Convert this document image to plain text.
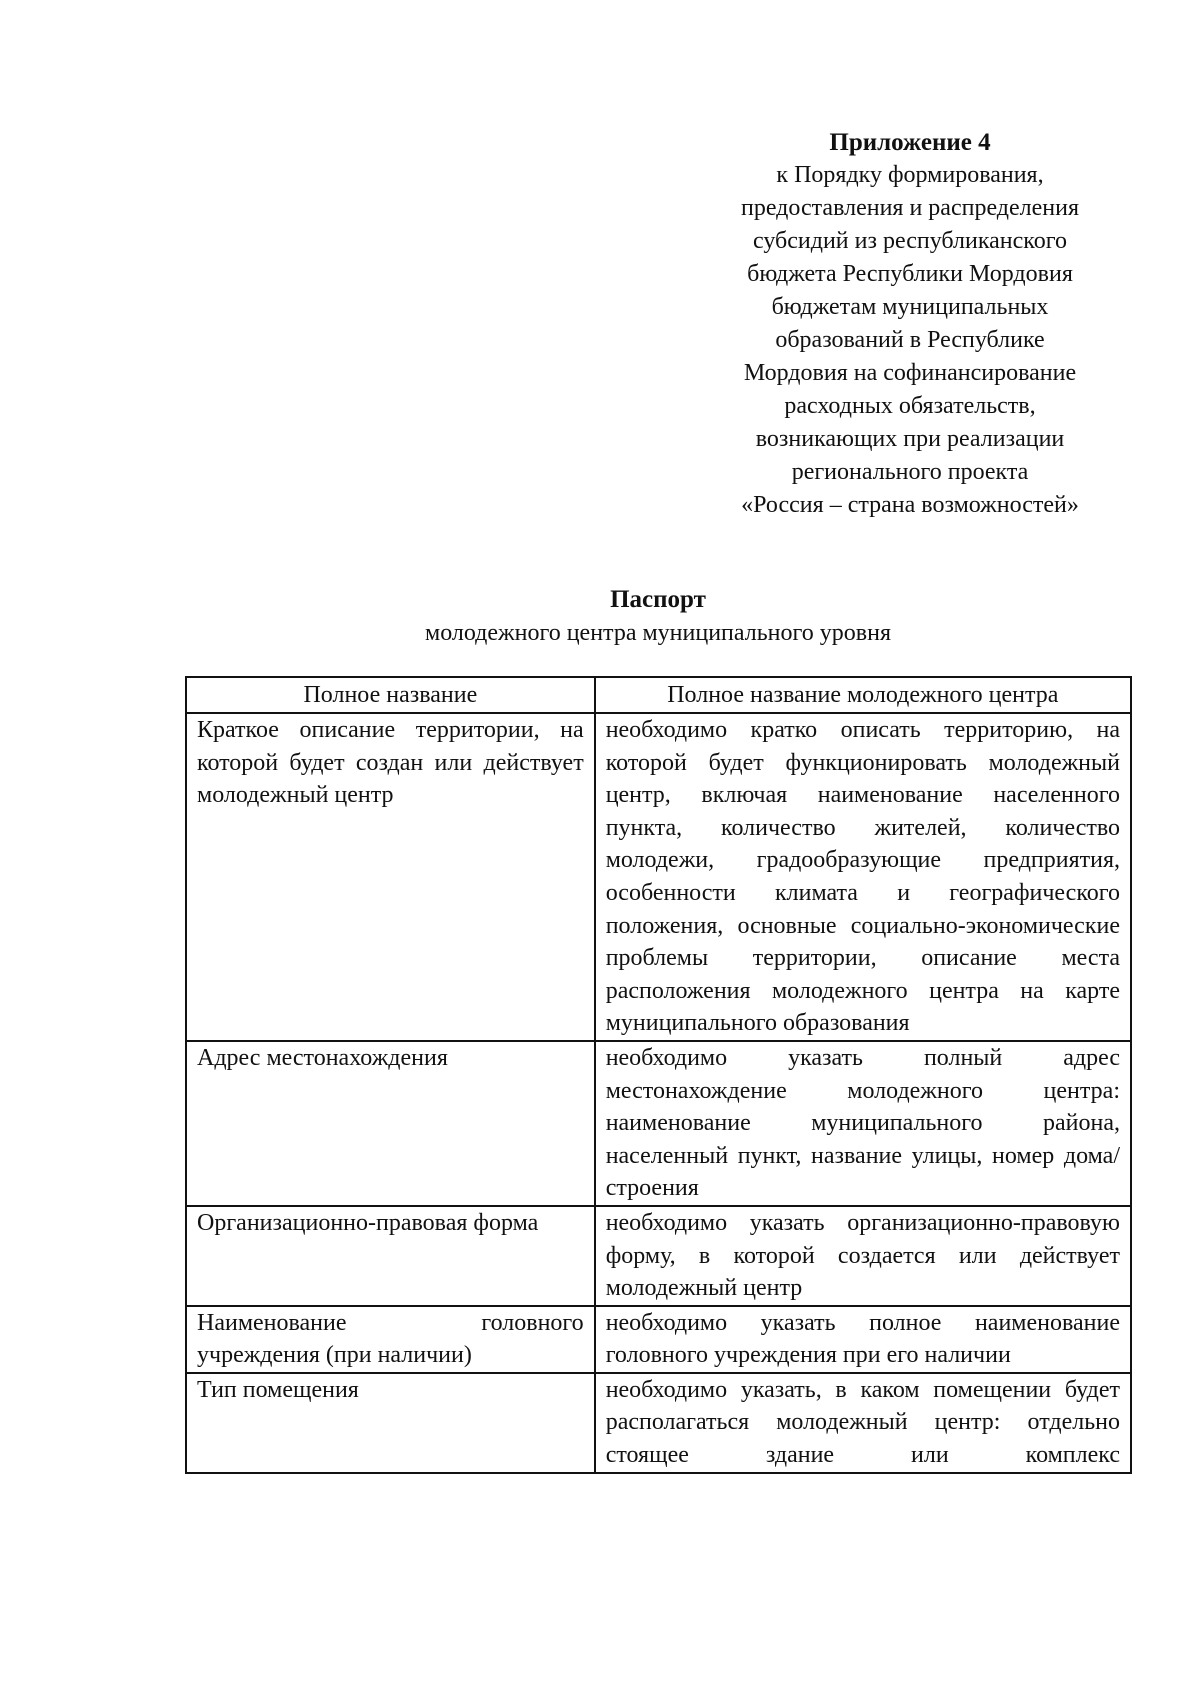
Приложение 4
к Порядку формирования,
предоставления и распределения
субсидий из республиканского
бюджета Республики Мордовия
бюджетам муниципальных
образований в Республике
Мордовия на софинансирование
расходных обязательств,
возникающих при реализации
регионального проекта
«Россия – страна возможностей»
Паспорт
молодежного центра муниципального уровня
Полное название	Полное название молодежного центра
Краткое описание территории, на которой будет создан или действует молодежный центр	необходимо кратко описать территорию, на которой будет функционировать молодежный центр, включая наименование населенного пункта, количество жителей, количество молодежи, градообразующие предприятия, особенности климата и географического положения, основные социально-экономические проблемы территории, описание места расположения молодежного центра на карте муниципального образования
Адрес местонахождения	необходимо указать полный адрес местонахождение молодежного центра: наименование муниципального района, населенный пункт, название улицы, номер дома/строения
Организационно-правовая форма	необходимо указать организационно-правовую форму, в которой создается или действует молодежный центр
Наименование головного учреждения (при наличии)	необходимо указать полное наименование головного учреждения при его наличии
Тип помещения	необходимо указать, в каком помещении будет располагаться молодежный центр: отдельно стоящее здание или комплекс
